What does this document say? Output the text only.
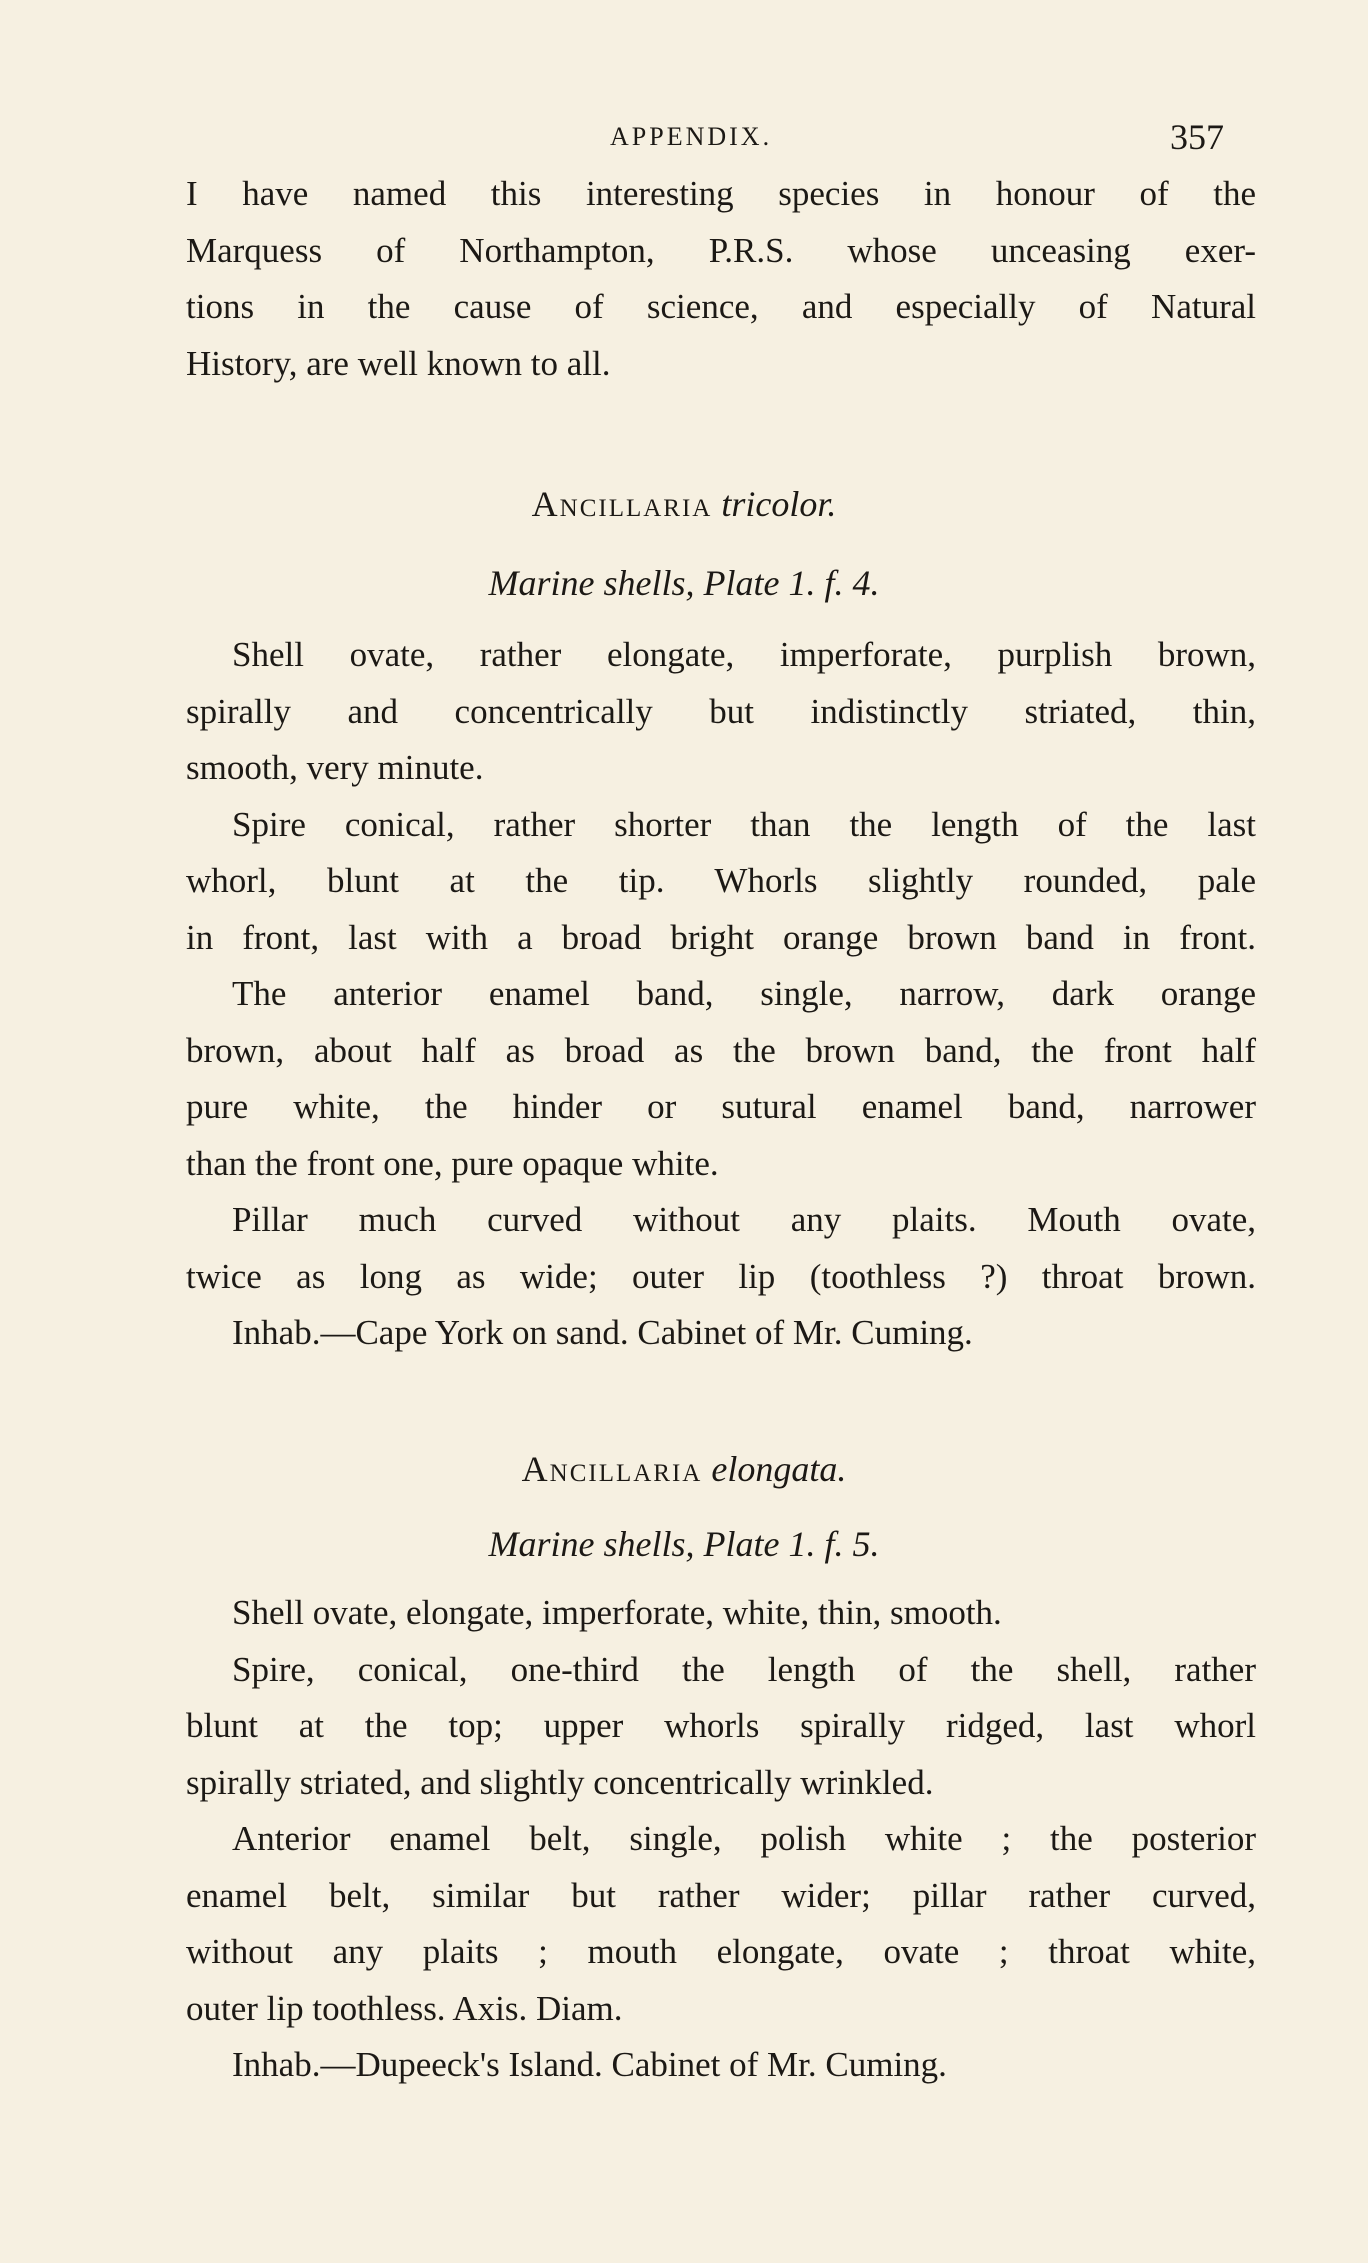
APPENDIX.	357
I have named this interesting species in honour of the
Marquess of Northampton, P.R.S. whose unceasing exer-
tions in the cause of science, and especially of Natural
History, are well known to all.
Ancillaria tricolor.
Marine shells, Plate 1. f. 4.
Shell ovate, rather elongate, imperforate, purplish brown,
spirally and concentrically but indistinctly striated, thin,
smooth, very minute.
Spire conical, rather shorter than the length of the last
whorl, blunt at the tip. Whorls slightly rounded, pale
in front, last with a broad bright orange brown band in front.
The anterior enamel band, single, narrow, dark orange
brown, about half as broad as the brown band, the front half
pure white, the hinder or sutural enamel band, narrower
than the front one, pure opaque white.
Pillar much curved without any plaits. Mouth ovate,
twice as long as wide; outer lip (toothless ?) throat brown.
Inhab.—Cape York on sand. Cabinet of Mr. Cuming.
Ancillaria elongata.
Marine shells, Plate 1. f. 5.
Shell ovate, elongate, imperforate, white, thin, smooth.
Spire, conical, one-third the length of the shell, rather
blunt at the top; upper whorls spirally ridged, last whorl
spirally striated, and slightly concentrically wrinkled.
Anterior enamel belt, single, polish white ; the posterior
enamel belt, similar but rather wider; pillar rather curved,
without any plaits ; mouth elongate, ovate ; throat white,
outer lip toothless. Axis. Diam.
Inhab.—Dupeeck's Island. Cabinet of Mr. Cuming.
